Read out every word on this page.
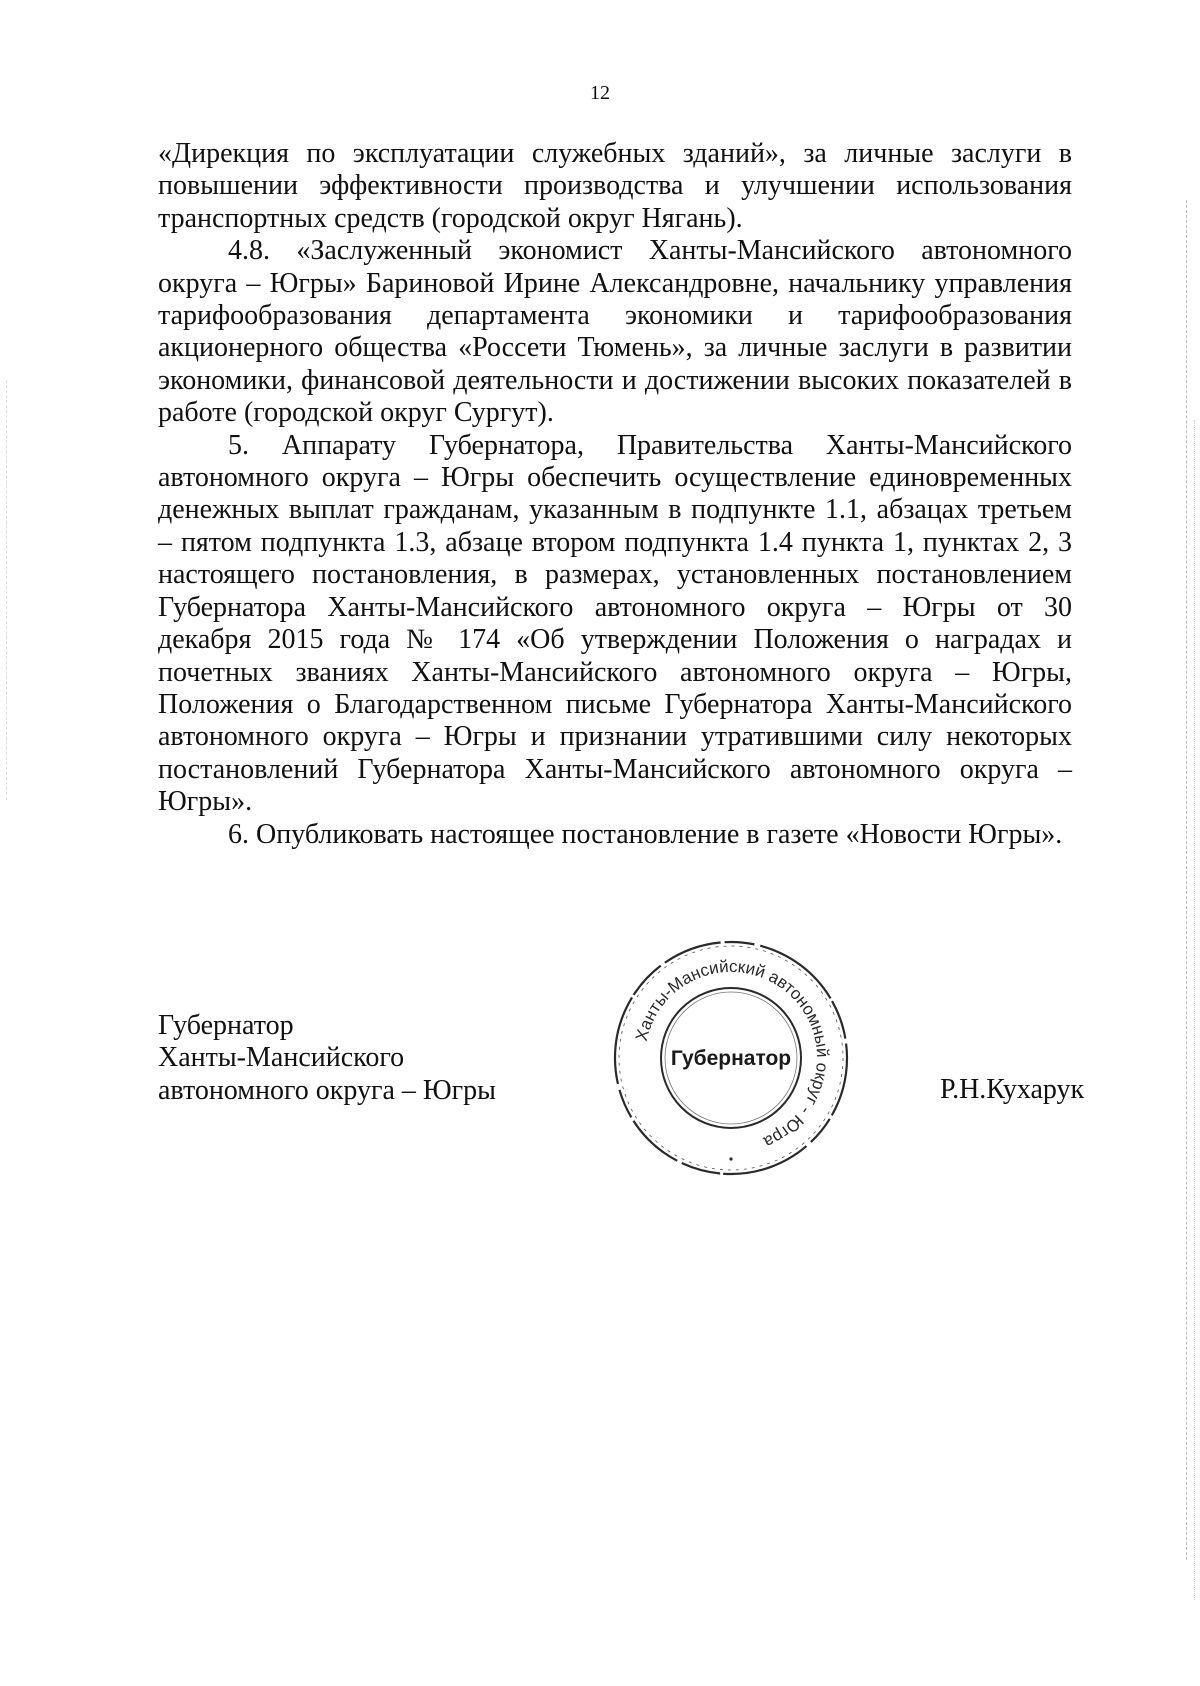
12

«Дирекция по эксплуатации служебных зданий», за личные заслуги в повышении эффективности производства и улучшении использования транспортных средств (городской округ Нягань).

4.8. «Заслуженный экономист Ханты-Мансийского автономного округа – Югры» Бариновой Ирине Александровне, начальнику управления тарифообразования департамента экономики и тарифообразования акционерного общества «Россети Тюмень», за личные заслуги в развитии экономики, финансовой деятельности и достижении высоких показателей в работе (городской округ Сургут).

5. Аппарату Губернатора, Правительства Ханты-Мансийского автономного округа – Югры обеспечить осуществление единовременных денежных выплат гражданам, указанным в подпункте 1.1, абзацах третьем – пятом подпункта 1.3, абзаце втором подпункта 1.4 пункта 1, пунктах 2, 3 настоящего постановления, в размерах, установленных постановлением Губернатора Ханты-Мансийского автономного округа – Югры от 30 декабря 2015 года № 174 «Об утверждении Положения о наградах и почетных званиях Ханты-Мансийского автономного округа – Югры, Положения о Благодарственном письме Губернатора Ханты-Мансийского автономного округа – Югры и признании утратившими силу некоторых постановлений Губернатора Ханты-Мансийского автономного округа – Югры».

6. Опубликовать настоящее постановление в газете «Новости Югры».

Губернатор
Ханты-Мансийского
автономного округа – Югры
Ханты-Мансийский автономный округ - Югра
Губернатор
Р.Н.Кухарук
